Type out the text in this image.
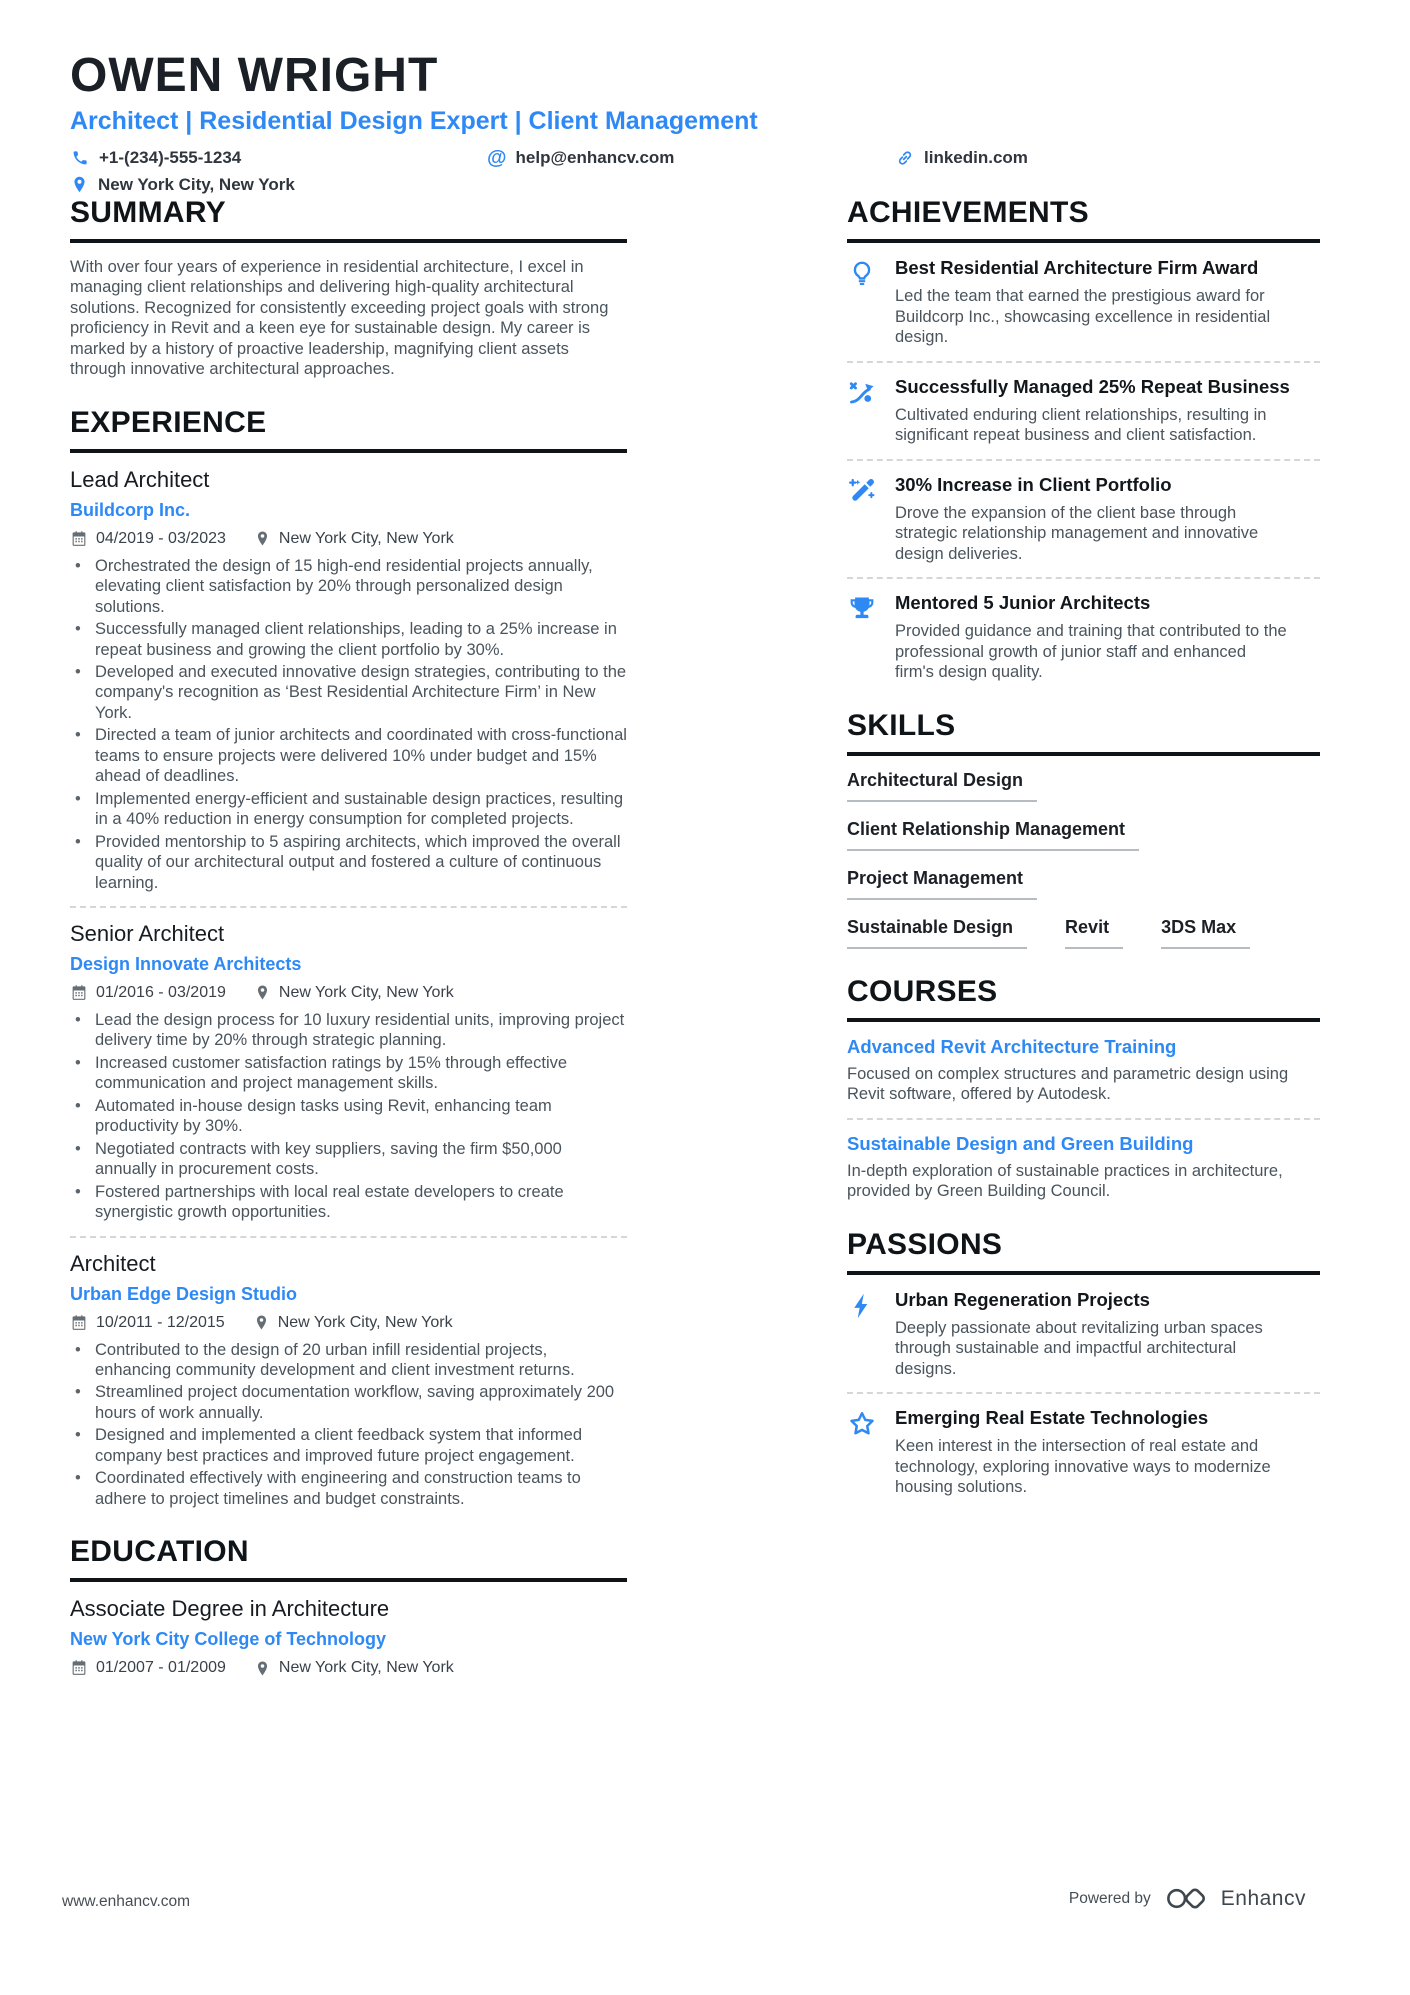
OWEN WRIGHT
Architect | Residential Design Expert | Client Management
+1-(234)-555-1234	@ help@enhancv.com	linkedin.com
New York City, New York
SUMMARY

With over four years of experience in residential architecture, I excel in managing client relationships and delivering high-quality architectural solutions. Recognized for consistently exceeding project goals with strong proficiency in Revit and a keen eye for sustainable design. My career is marked by a history of proactive leadership, magnifying client assets through innovative architectural approaches.

EXPERIENCE
Lead Architect
Buildcorp Inc.
04/2019 - 03/2023	New York City, New York
• Orchestrated the design of 15 high-end residential projects annually, elevating client satisfaction by 20% through personalized design solutions.
• Successfully managed client relationships, leading to a 25% increase in repeat business and growing the client portfolio by 30%.
• Developed and executed innovative design strategies, contributing to the company's recognition as ‘Best Residential Architecture Firm’ in New York.
• Directed a team of junior architects and coordinated with cross-functional teams to ensure projects were delivered 10% under budget and 15% ahead of deadlines.
• Implemented energy-efficient and sustainable design practices, resulting in a 40% reduction in energy consumption for completed projects.
• Provided mentorship to 5 aspiring architects, which improved the overall quality of our architectural output and fostered a culture of continuous learning.
Senior Architect
Design Innovate Architects
01/2016 - 03/2019	New York City, New York
• Lead the design process for 10 luxury residential units, improving project delivery time by 20% through strategic planning.
• Increased customer satisfaction ratings by 15% through effective communication and project management skills.
• Automated in-house design tasks using Revit, enhancing team productivity by 30%.
• Negotiated contracts with key suppliers, saving the firm $50,000 annually in procurement costs.
• Fostered partnerships with local real estate developers to create synergistic growth opportunities.
Architect
Urban Edge Design Studio
10/2011 - 12/2015	New York City, New York
• Contributed to the design of 20 urban infill residential projects, enhancing community development and client investment returns.
• Streamlined project documentation workflow, saving approximately 200 hours of work annually.
• Designed and implemented a client feedback system that informed company best practices and improved future project engagement.
• Coordinated effectively with engineering and construction teams to adhere to project timelines and budget constraints.
EDUCATION
Associate Degree in Architecture
New York City College of Technology
01/2007 - 01/2009	New York City, New York
ACHIEVEMENTS
Best Residential Architecture Firm Award
Led the team that earned the prestigious award for Buildcorp Inc., showcasing excellence in residential design.
Successfully Managed 25% Repeat Business
Cultivated enduring client relationships, resulting in significant repeat business and client satisfaction.
30% Increase in Client Portfolio
Drove the expansion of the client base through strategic relationship management and innovative design deliveries.
Mentored 5 Junior Architects
Provided guidance and training that contributed to the professional growth of junior staff and enhanced firm's design quality.
SKILLS
Architectural Design
Client Relationship Management
Project Management
Sustainable Design	Revit	3DS Max
COURSES
Advanced Revit Architecture Training
Focused on complex structures and parametric design using Revit software, offered by Autodesk.
Sustainable Design and Green Building
In-depth exploration of sustainable practices in architecture, provided by Green Building Council.
PASSIONS
Urban Regeneration Projects
Deeply passionate about revitalizing urban spaces through sustainable and impactful architectural designs.
Emerging Real Estate Technologies
Keen interest in the intersection of real estate and technology, exploring innovative ways to modernize housing solutions.
www.enhancv.com	Powered by	Enhancv
